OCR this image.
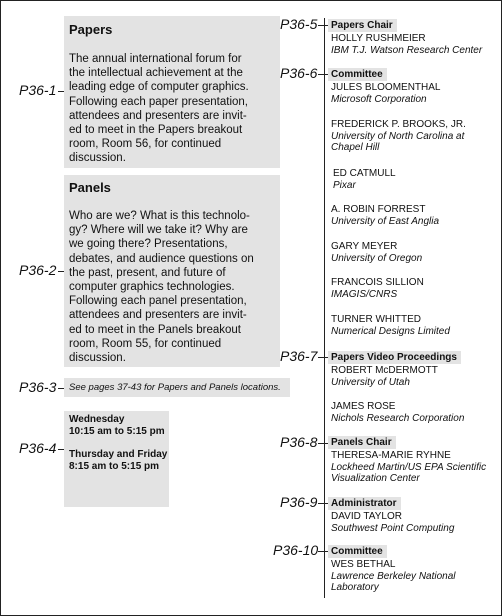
P36-1
Papers
The annual international forum for
the intellectual achievement at the
leading edge of computer graphics.
Following each paper presentation,
attendees and presenters are invit-
ed to meet in the Papers breakout
room, Room 56, for continued
discussion.
P36-2
Panels
Who are we? What is this technolo-
gy? Where will we take it? Why are
we going there? Presentations,
debates, and audience questions on
the past, present, and future of
computer graphics technologies.
Following each panel presentation,
attendees and presenters are invit-
ed to meet in the Panels breakout
room, Room 55, for continued
discussion.
P36-3 See pages 37-43 for Papers and Panels locations.
P36-4
Wednesday
10:15 am to 5:15 pm
Thursday and Friday
8:15 am to 5:15 pm
P36-5	Papers Chair
HOLLY RUSHMEIER
IBM T.J. Watson Research Center
P36-6	Committee
JULES BLOOMENTHAL
Microsoft Corporation
FREDERICK P. BROOKS, JR.
University of North Carolina at
Chapel Hill
ED CATMULL
Pixar
A. ROBIN FORREST
University of East Anglia
GARY MEYER
University of Oregon
FRANCOIS SILLION
IMAGIS/CNRS
TURNER WHITTED
Numerical Designs Limited
P36-7	Papers Video Proceedings
ROBERT McDERMOTT
University of Utah
JAMES ROSE
Nichols Research Corporation
P36-8	Panels Chair
THERESA-MARIE RYHNE
Lockheed Martin/US EPA Scientific
Visualization Center
P36-9	Administrator
DAVID TAYLOR
Southwest Point Computing
P36-10	Committee
WES BETHAL
Lawrence Berkeley National
Laboratory
